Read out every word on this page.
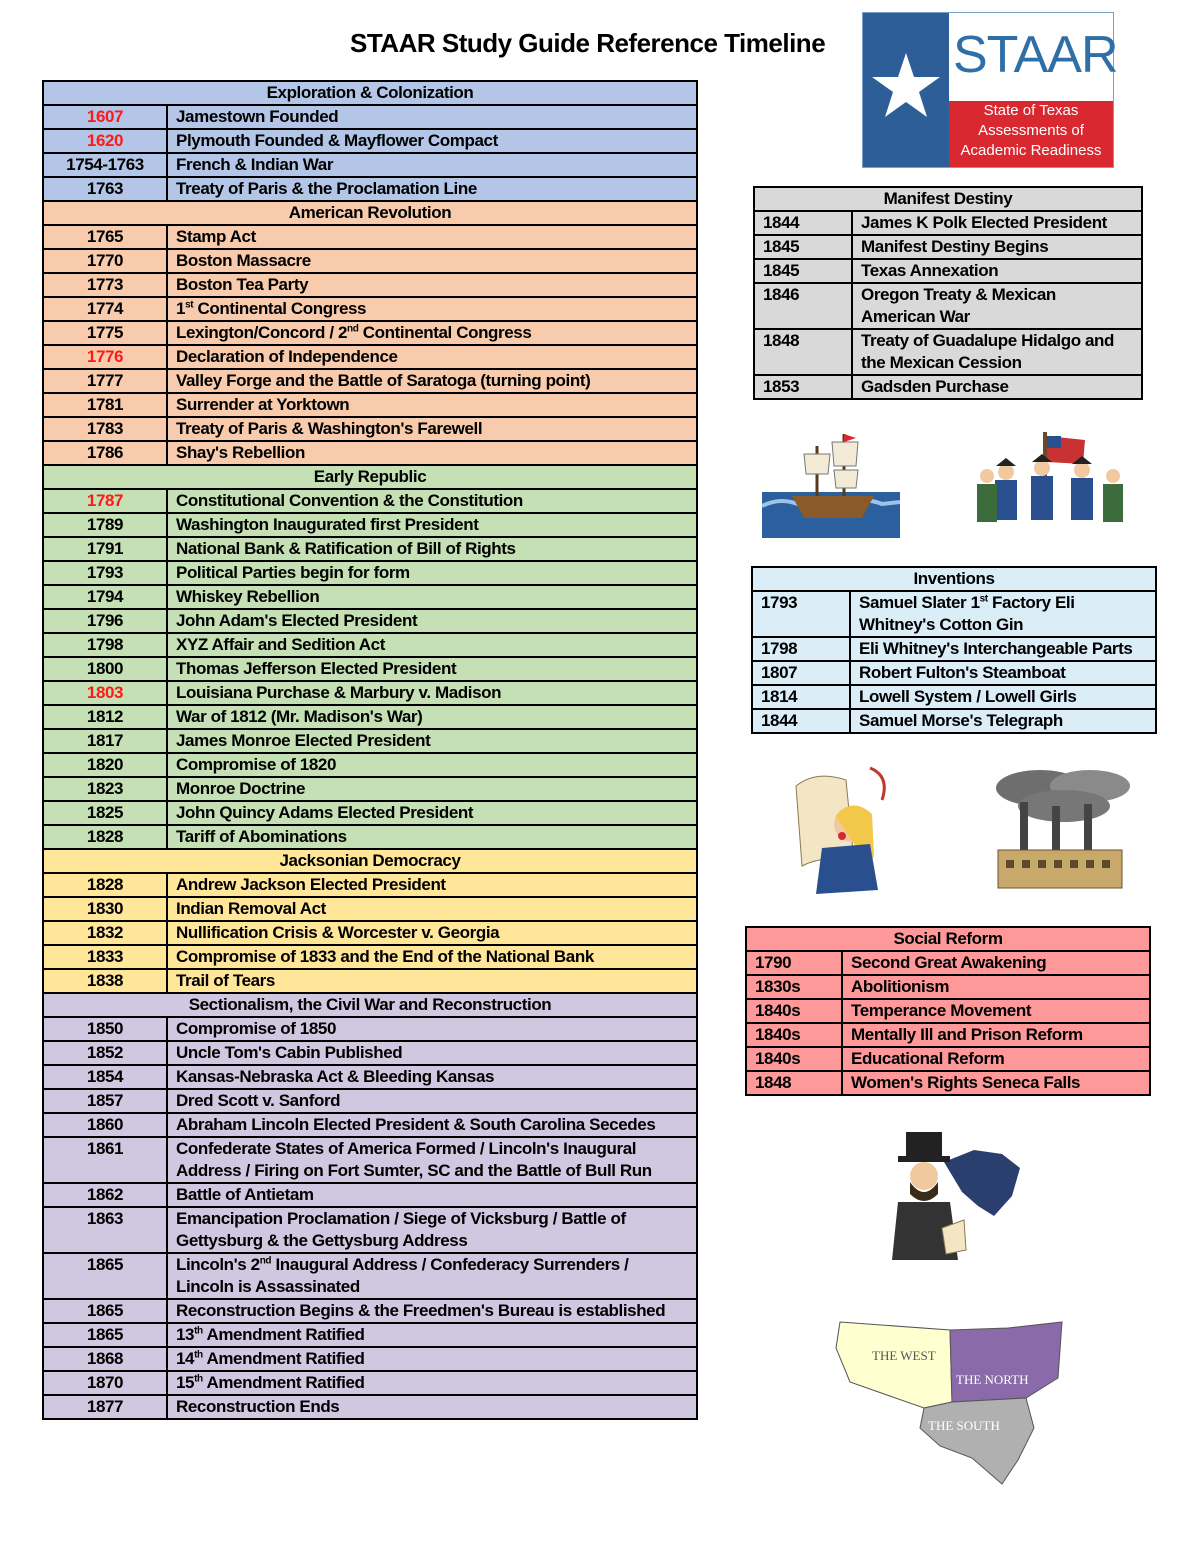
STAAR Study Guide Reference Timeline STAAR
State of Texas
Assessments of
Academic Readiness
Exploration & Colonization	
1607	Jamestown Founded
1620	Plymouth Founded & Mayflower Compact
1754-1763	French & Indian War
1763	Treaty of Paris & the Proclamation Line
American Revolution	
1765	Stamp Act
1770	Boston Massacre
1773	Boston Tea Party
1774	1st Continental Congress
1775	Lexington/Concord / 2nd Continental Congress
1776	Declaration of Independence
1777	Valley Forge and the Battle of Saratoga (turning point)
1781	Surrender at Yorktown
1783	Treaty of Paris & Washington's Farewell
1786	Shay's Rebellion
Early Republic	
1787	Constitutional Convention & the Constitution
1789	Washington Inaugurated first President
1791	National Bank & Ratification of Bill of Rights
1793	Political Parties begin for form
1794	Whiskey Rebellion
1796	John Adam's Elected President
1798	XYZ Affair and Sedition Act
1800	Thomas Jefferson Elected President
1803	Louisiana Purchase & Marbury v. Madison
1812	War of 1812 (Mr. Madison's War)
1817	James Monroe Elected President
1820	Compromise of 1820
1823	Monroe Doctrine
1825	John Quincy Adams Elected President
1828	Tariff of Abominations
Jacksonian Democracy	
1828	Andrew Jackson Elected President
1830	Indian Removal Act
1832	Nullification Crisis & Worcester v. Georgia
1833	Compromise of 1833 and the End of the National Bank
1838	Trail of Tears
Sectionalism, the Civil War and Reconstruction	
1850	Compromise of 1850
1852	Uncle Tom's Cabin Published
1854	Kansas-Nebraska Act & Bleeding Kansas
1857	Dred Scott v. Sanford
1860	Abraham Lincoln Elected President & South Carolina Secedes
1861	Confederate States of America Formed / Lincoln's Inaugural Address / Firing on Fort Sumter, SC and the Battle of Bull Run
1862	Battle of Antietam
1863	Emancipation Proclamation / Siege of Vicksburg / Battle of Gettysburg & the Gettysburg Address
1865	Lincoln's 2nd Inaugural Address / Confederacy Surrenders / Lincoln is Assassinated
1865	Reconstruction Begins & the Freedmen's Bureau is established
1865	13th Amendment Ratified
1868	14th Amendment Ratified
1870	15th Amendment Ratified
1877	Reconstruction Ends
Manifest Destiny	
1844	James K Polk Elected President
1845	Manifest Destiny Begins
1845	Texas Annexation
1846	Oregon Treaty & Mexican American War
1848	Treaty of Guadalupe Hidalgo and the Mexican Cession
1853	Gadsden Purchase
Inventions	
1793	Samuel Slater 1st Factory Eli Whitney's Cotton Gin
1798	Eli Whitney's Interchangeable Parts
1807	Robert Fulton's Steamboat
1814	Lowell System / Lowell Girls
1844	Samuel Morse's Telegraph
Social Reform	
1790	Second Great Awakening
1830s	Abolitionism
1840s	Temperance Movement
1840s	Mentally Ill and Prison Reform
1840s	Educational Reform
1848	Women's Rights Seneca Falls
THE WEST
THE NORTH
THE SOUTH
